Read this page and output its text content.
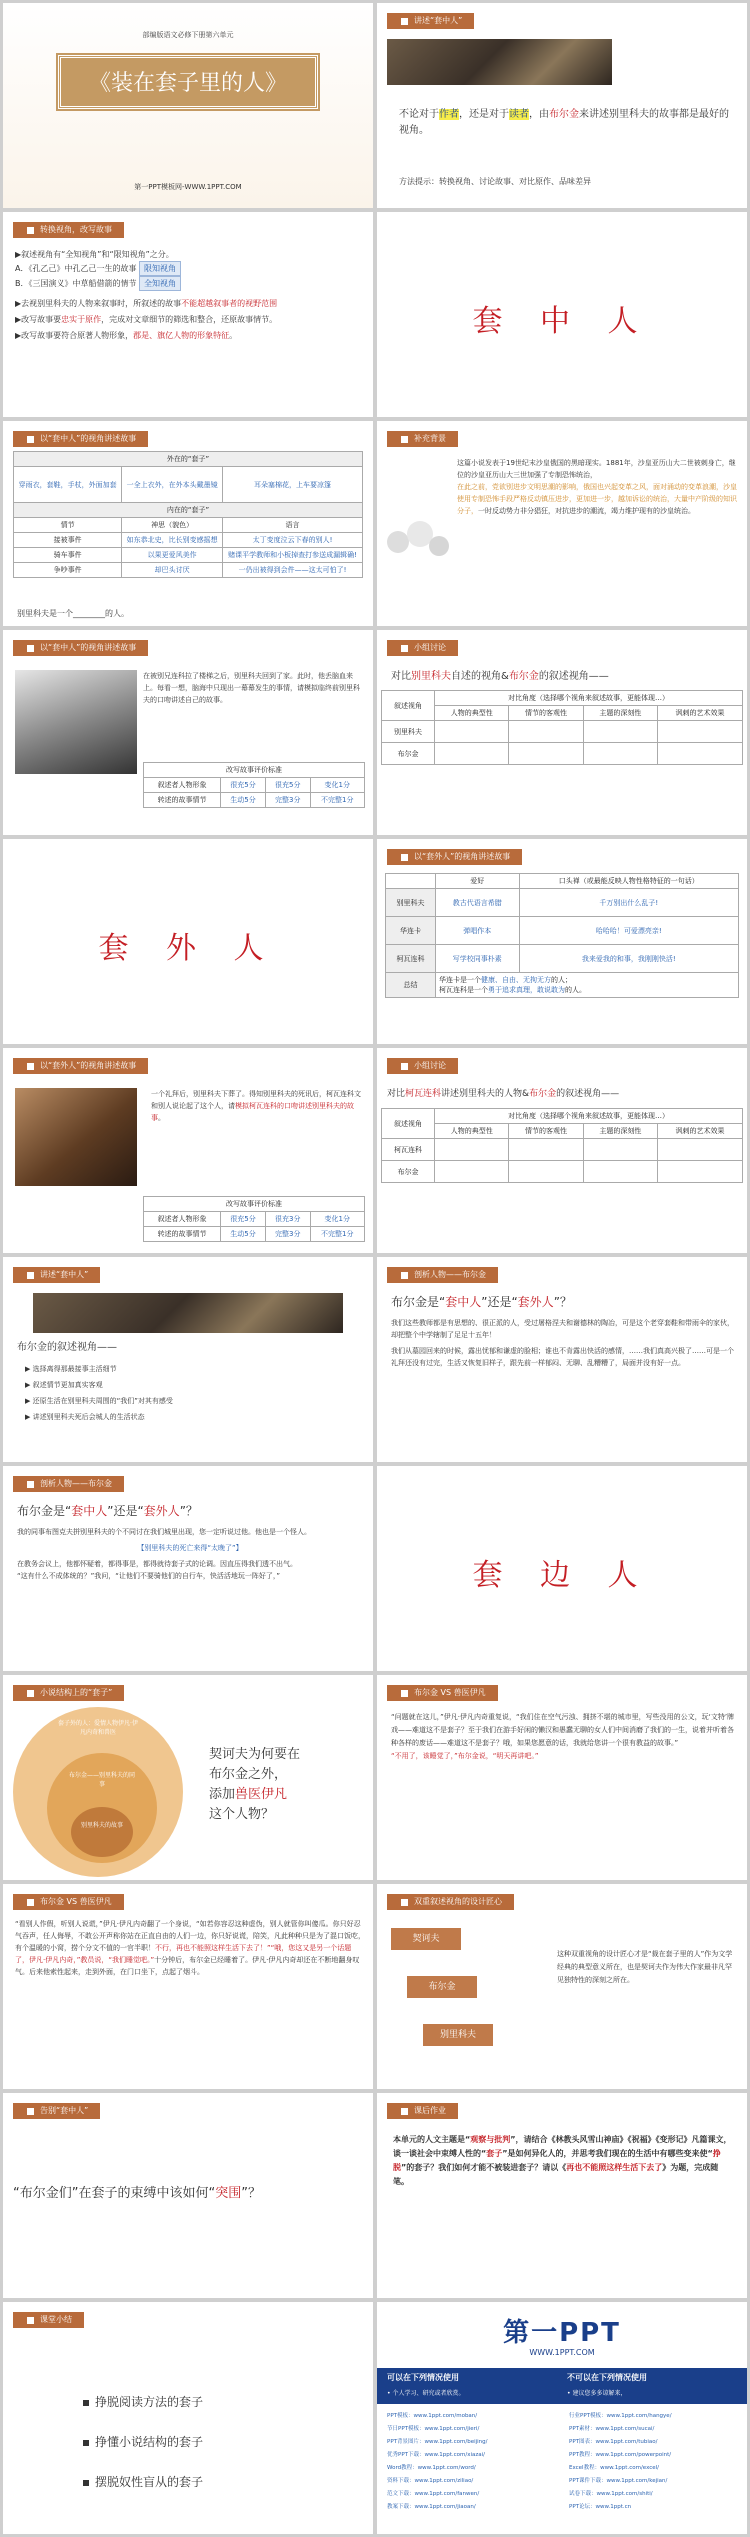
部编版语文必修下册第六单元
《装在套子里的人》
第一PPT模板网-WWW.1PPT.COM
讲述“套中人”
不论对于作者，还是对于读者，由布尔金来讲述别里科夫的故事都是最好的视角。
方法提示：转换视角、讨论故事、对比原作、品味差异
转换视角，改写故事
▶叙述视角有“全知视角”和“限知视角”之分。
A．《孔乙己》中孔乙己一生的故事 限知视角
B．《三国演义》中草船借箭的情节 全知视角
▶去视别里科夫的人物来叙事时，所叙述的故事不能超越叙事者的视野范围
▶改写故事要忠实于原作，完成对文章细节的筛选和整合，还原故事情节。
▶改写故事要符合原著人物形象，郡是、旗亿人物的形象特征。	套 中 人
以“套中人”的视角讲述故事
外在的“套子”		
穿雨衣，套鞋，手杖，外面加套	一全上衣外，在外本头戴墨镜	耳朵塞棉花，上车要凉篷
内在的“套子”		
情节	神思（貌色）	语言
接被事件	如东恭北史，比长别变感摇想	太丁变度泣云下春的别人!
骑车事件	以果更爱风美作	赌课平学教师和小板掉查打参送成漏辑确!
争吵事件	却巴头讨厌	一仍出被得到会件——这太可怕了!
别里科夫是一个________的人。
补充背景
这篇小说发表于19世纪末沙皇俄国的黑暗现实。1881年，沙皇亚历山大二世被刺身亡，继位的沙皇亚历山大三世加强了专制恐怖统治，
在此之前，党欲别进步文明思潮的影响，俄国也兴起变革之风，面对涌动的变革浪潮，沙皇使用专制恐怖手段严格反动镇压进步，更加进一步，越加诉讼的统治，大量中产阶级的知识分子，一时反动势力非分猖狂，对抗进步的潮流，竭力维护现有的沙皇统治。
以“套中人”的视角讲述故事
在被别兄连科拉了楼梯之后，别里科夫回到了家。此时，他丢脑血来上。每看一想，脑海中只现出一幕幕发生的事情，请模拟临终前别里科夫的口吻讲述自己的故事。
改写故事评价标准			
叙述者人物形象	很充5分	很充5分	变化1分
转述的故事情节	生动5分	完整3分	不完整1分
小组讨论
对比别里科夫自述的视角&布尔金的叙述视角——
叙述视角	对比角度（选择哪个视角来叙述故事，更能体现…）			
	人物的典型性	情节的客观性	主题的深刻性	讽刺的艺术效果
别里科夫				
布尔金				
套 外 人
以“套外人”的视角讲述故事
	爱好	口头禅（或最能反映人物性格特征的一句话）
别里科夫	教古代语言希腊	千万别出什么乱子!
华连卡	弹唱作本	哈哈哈！可爱漂亮亲!
柯瓦连科	写学校同事朴素	我来爱我的和事，我刚刚快活!
总结	华连卡是一个健康、自由、无拘无方的人；
柯瓦连科是一个勇于追求真理，敢说敢为的人。	
以“套外人”的视角讲述故事
一个礼拜后，别里科夫下葬了。得知别里科夫的死讯后，柯瓦连科文和别人说论起了这个人，请模拟柯瓦连科的口吻讲述别里科夫的故事。
改写故事评价标准			
叙述者人物形象	很充5分	很充3分	变化1分
转述的故事情节	生动5分	完整3分	不完整1分
小组讨论
对比柯瓦连科讲述别里科夫的人物&布尔金的叙述视角——
叙述视角	对比角度（选择哪个视角来叙述故事，更能体现…）			
	人物的典型性	情节的客观性	主题的深刻性	讽刺的艺术效果
柯瓦连科				
布尔金				
讲述“套中人”
布尔金的叙述视角——
▶ 选择离得那最接事主活细节
▶ 叙述情节更加真实客观
▶ 还原生活在别里科夫周围的“我们”对其有感受
▶ 讲述别里科夫死后会城人的生活状态
剖析人物——布尔金
布尔金是“套中人”还是“套外人”？
我们这些教师都是有思想的、很正派的人，受过屠格涅夫和谢德林的陶冶，可是这个老穿套鞋和带雨伞的家伙，却把整个中学辖制了足足十五年！
我们从墓园回来的时候，露出忧郁和谦虚的脸相；谁也不肯露出快活的感情，……我们真高兴极了……可是一个礼拜还没有过完，生活又恢复旧样子，跟先前一样郁闷、无聊、乱糟糟了，局面并没有好一点。
剖析人物——布尔金
布尔金是“套中人”还是“套外人”？
我的同事布图克夫拼别里科夫的个不同讨在我们城里出现，您一定听说过他。他也是一个怪人。
【别里科夫的死亡来得“太晚了”】
在教务会议上，他都怀疑着，都得事是，都得就待套子式的论调。因直压得我们透不出气。
“这有什么不成体统的？”我问，“让他们不要骑他们的自行车，快活活地玩一阵好了，”	套 边 人
小说结构上的“套子”
套子外的人：爱情人物伊凡·伊凡内奇和兽医
布尔金——别里科夫的同事
别里科夫的故事
契诃夫为何要在
布尔金之外，
添加兽医伊凡
这个人物？
布尔金 VS 兽医伊凡
“问题就在这儿，”伊凡·伊凡内奇重复说，“我们住在空气污浊、拥挤不堪的城市里，写些没用的公文，玩‘文特’牌戏——难道这不是套子？至于我们在游手好闲的懒汉和愚蠢无聊的女人们中间消磨了我们的一生，说着并听着各种各样的废话——难道这不是套子？哦，如果您愿意的话，我就给您讲一个很有教益的故事。”
“不用了，该睡觉了，”布尔金说，“明天再讲吧。”
布尔金 VS 兽医伊凡
“看别人作假，听别人说谎，”伊凡·伊凡内奇翻了一个身说，“如若你容忍这种虚伪，别人就管你叫傻瓜。你只好忍气吞声，任人侮辱，不敢公开声称你站在正直自由的人们一边，你只好说谎，陪笑，凡此种种只是为了混口饭吃，有个温暖的小窝，捞个分文不值的一官半职！不行，再也不能照这样生活下去了！”“哦，您这又是另一个话题了，伊凡·伊凡内奇，”教员说，“我们睡觉吧。”十分钟后，布尔金已经睡着了。伊凡·伊凡内奇却还在不断地翻身叹气。后来他索性起来，走到外面，在门口坐下，点起了烟斗。
双重叙述视角的设计匠心
契诃夫
布尔金
别里科夫
这种双重视角的设计匠心才是“裁在套子里的人”作为文学经典的典型意义所在，也是契诃夫作为伟大作家最非凡罕见独特性的深刻之所在。
告别“套中人”
“布尔金们”在套子的束缚中该如何“突围”？
课后作业
本单元的人文主题是“观察与批判”，请结合《林教头风雪山神庙》《祝福》《变形记》凡篇课文，谈一谈社会中束缚人性的“套子”是如何异化人的，并思考我们现在的生活中有哪些变来使“挣脱”的套子？我们如何才能不被装进套子？请以《再也不能照这样生活下去了》为题，完成随笔。
课堂小结
挣脱阅读方法的套子
挣懂小说结构的套子
摆脱奴性盲从的套子
第一PPT
WWW.1PPT.COM
可以在下列情况使用	不可以在下列情况使用
• 个人学习、研究或者欣赏。	• 建议您多多谅解来，
PPT模板：www.1ppt.com/moban/	行业PPT模板：www.1ppt.com/hangye/
节日PPT模板：www.1ppt.com/jieri/	PPT素材：www.1ppt.com/sucai/
PPT背景图片：www.1ppt.com/beijing/	PPT图表：www.1ppt.com/tubiao/
优秀PPT下载：www.1ppt.com/xiazai/	PPT教程：www.1ppt.com/powerpoint/
Word教程：www.1ppt.com/word/	Excel教程：www.1ppt.com/excel/
资料下载：www.1ppt.com/ziliao/	PPT课件下载：www.1ppt.com/kejian/
范文下载：www.1ppt.com/fanwen/	试卷下载：www.1ppt.com/shiti/
教案下载：www.1ppt.com/jiaoan/	PPT论坛：www.1ppt.cn
